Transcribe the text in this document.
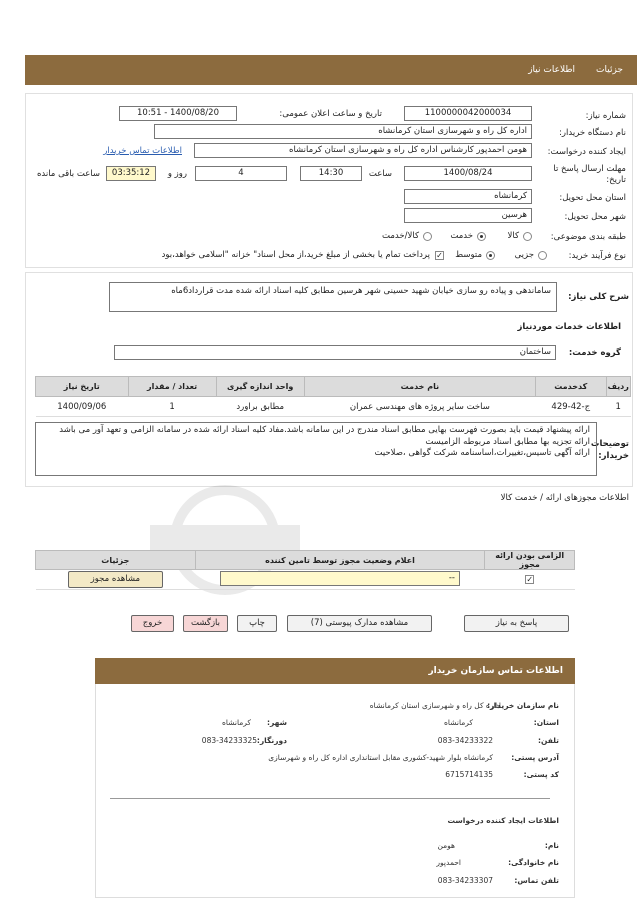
جزئیات
اطلاعات نیاز
شماره نیاز:
1100000042000034
تاریخ و ساعت اعلان عمومی:
1400/08/20 - 10:51
نام دستگاه خریدار:
اداره کل راه و شهرسازی استان کرمانشاه
ایجاد کننده درخواست:
هومن احمدپور کارشناس اداره کل راه و شهرسازی استان کرمانشاه
اطلاعات تماس خریدار
مهلت ارسال پاسخ تا
تاریخ:
1400/08/24
ساعت
14:30
4
روز و
03:35:12
ساعت باقی مانده
استان محل تحویل:
کرمانشاه
شهر محل تحویل:
هرسین
طبقه بندی موضوعی:
کالا
خدمت
کالا/خدمت
نوع فرآیند خرید:
جزیی
متوسط
✓
پرداخت تمام یا بخشی از مبلغ خرید،از محل اسناد" خزانه "اسلامی خواهد،بود
شرح کلی نیاز:
ساماندهی و پیاده رو سازی خیابان شهید حسینی شهر هرسین مطابق کلیه اسناد ارائه شده مدت قرارداد6ماه
اطلاعات خدمات موردنیاز
گروه خدمت:
ساختمان
ردیف	کدخدمت	نام خدمت	واحد اندازه گیری	تعداد / مقدار	تاریخ نیاز
1	ج-42-429	ساخت سایر پروژه های مهندسی عمران	مطابق براورد	1	1400/09/06
توضیحات خریدار:
ارائه پیشنهاد قیمت باید بصورت فهرست بهایی مطابق اسناد مندرج در این سامانه باشد.مفاد کلیه اسناد ارائه شده در سامانه الزامی و تعهد آور می باشد
ارائه تجزیه بها مطابق اسناد مربوطه الزامیست
ارائه آگهی تاسیس،تغییرات،اساسنامه شرکت گواهی ،صلاحیت
اطلاعات مجوزهای ارائه / خدمت کالا
الزامی بودن ارائه مجوز	اعلام وضعیت مجوز توسط تامین کننده	جزئیات
✓	--	مشاهده مجوز
پاسخ به نیاز
مشاهده مدارک پیوستی (7)
چاپ
بازگشت
خروج
اطلاعات تماس سازمان خریدار
نام سازمان خریدار:
اداره کل راه و شهرسازی استان کرمانشاه
استان:
کرمانشاه
شهر:
کرمانشاه
تلفن:
083-34233322
دورنگار:
083-34233325
آدرس پستی:
کرمانشاه بلوار شهید-کشوری مقابل استانداری اداره کل راه و شهرسازی
کد پستی:
6715714135
اطلاعات ایجاد کننده درخواست
نام:
هومن
نام خانوادگی:
احمدپور
تلفن تماس:
083-34233307
